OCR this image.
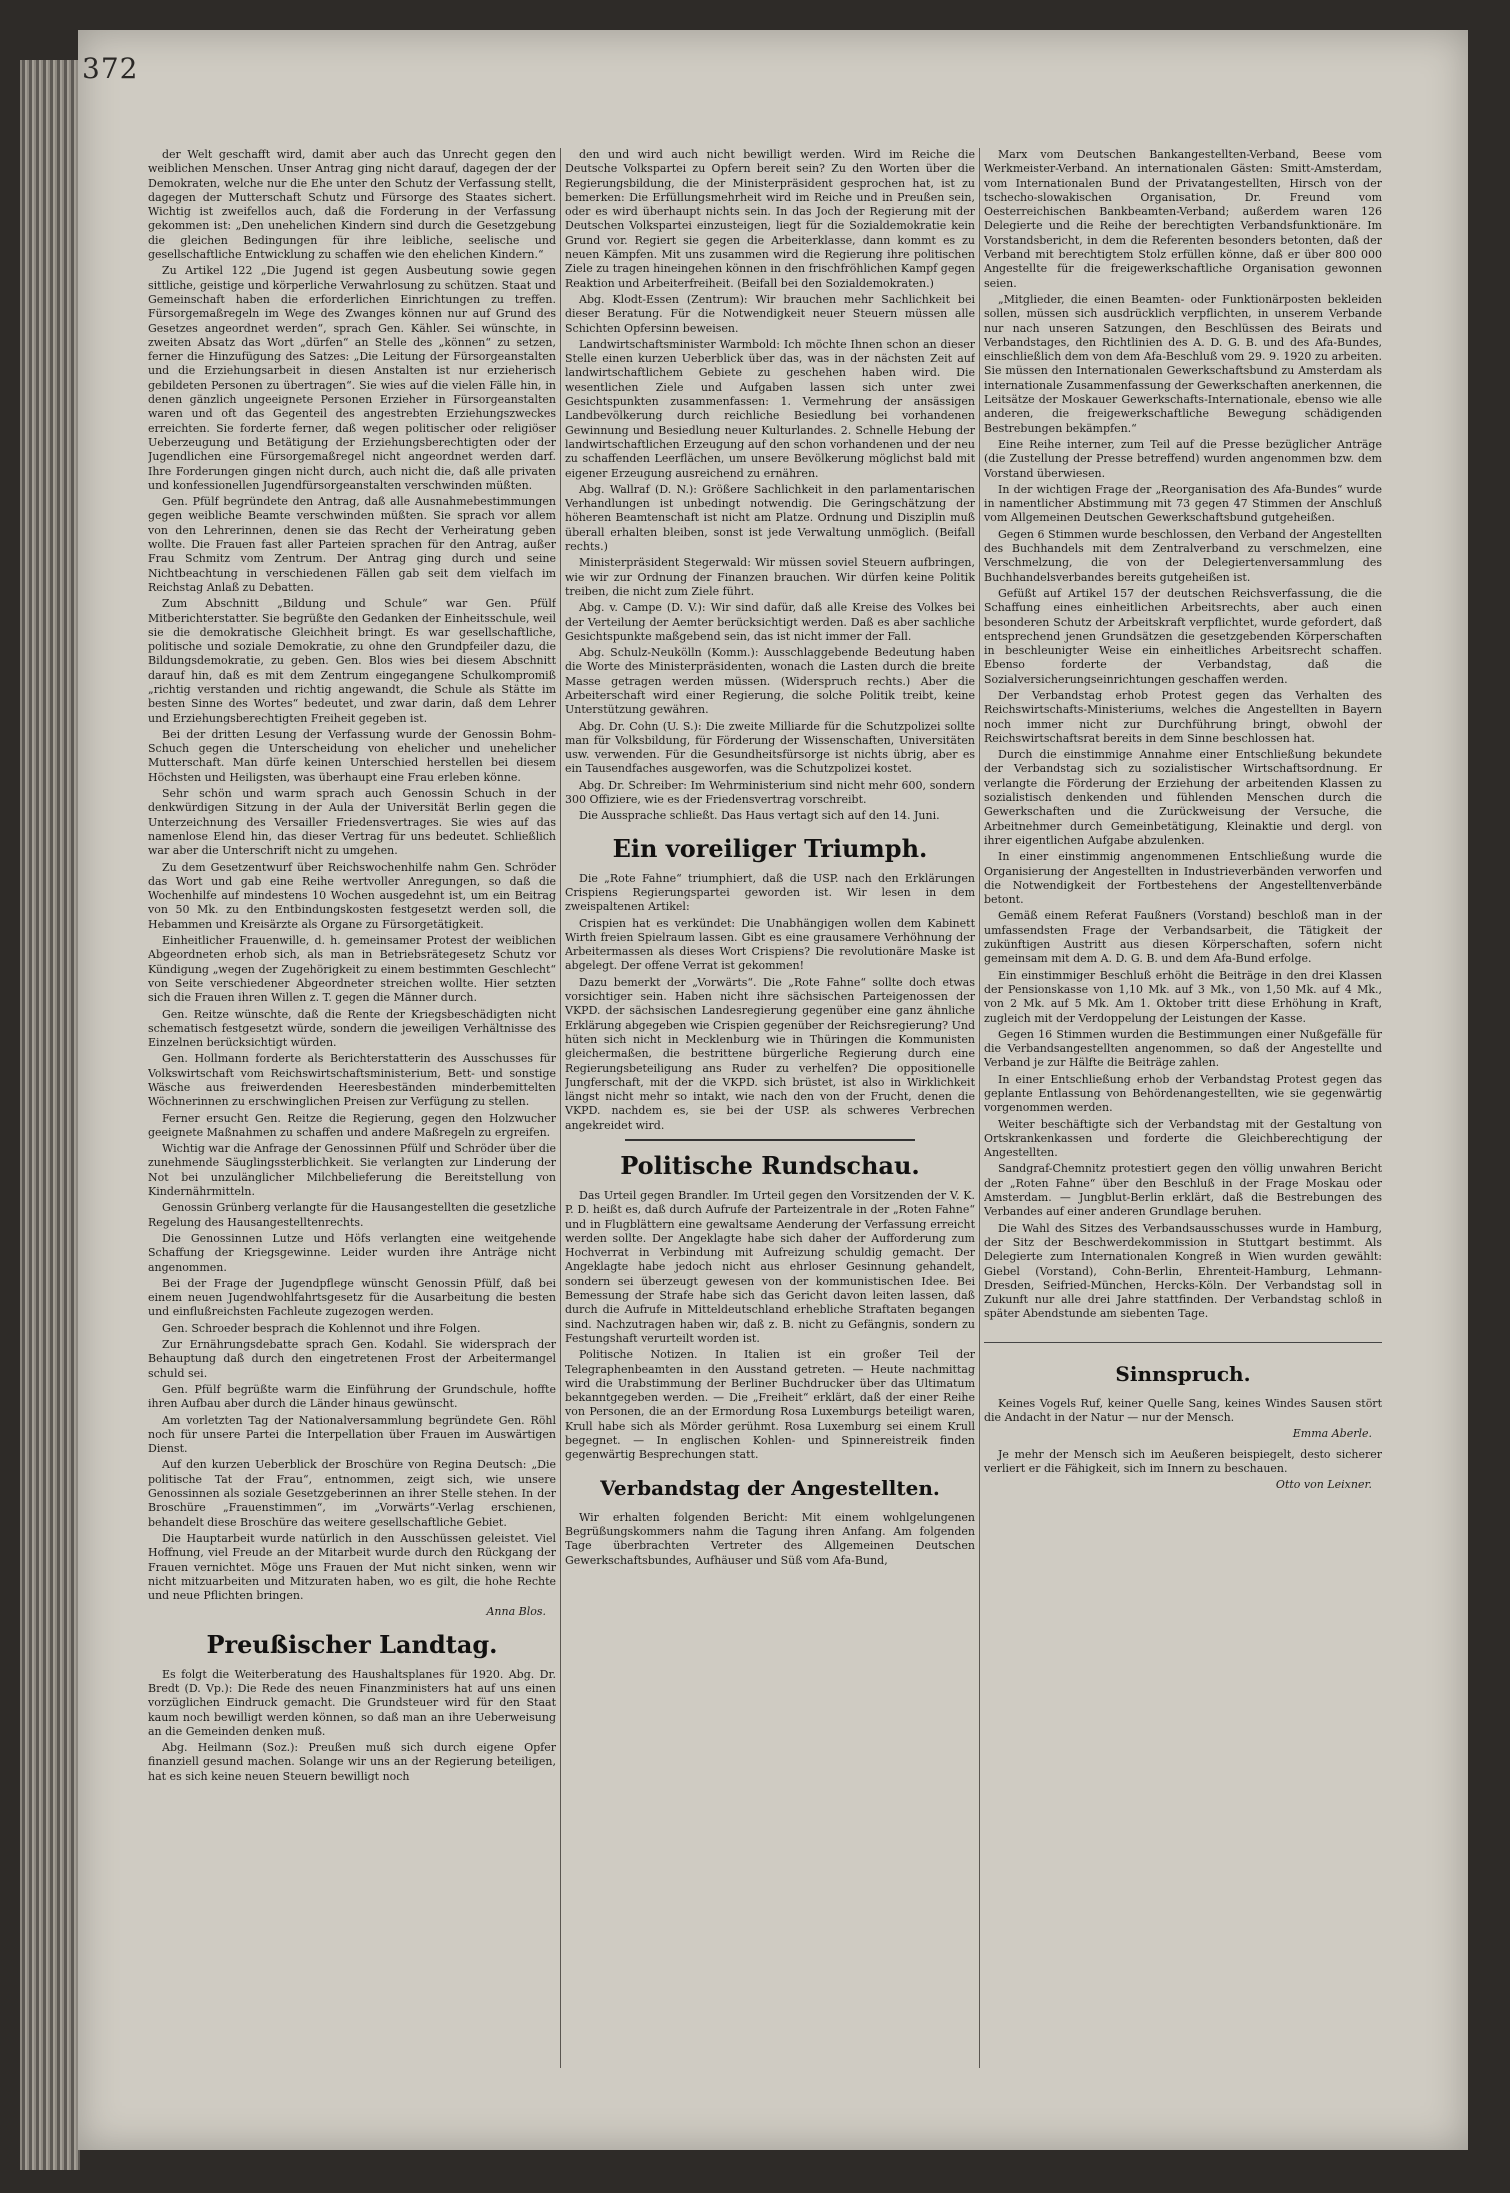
372

der Welt geschafft wird, damit aber auch das Unrecht gegen den weiblichen Menschen. Unser Antrag ging nicht darauf, dagegen der der Demokraten, welche nur die Ehe unter den Schutz der Verfassung stellt, dagegen der Mutterschaft Schutz und Fürsorge des Staates sichert. Wichtig ist zweifellos auch, daß die Forderung in der Verfassung gekommen ist: „Den unehelichen Kindern sind durch die Gesetzgebung die gleichen Bedingungen für ihre leibliche, seelische und gesellschaftliche Entwicklung zu schaffen wie den ehelichen Kindern.“

Zu Artikel 122 „Die Jugend ist gegen Ausbeutung sowie gegen sittliche, geistige und körperliche Verwahrlosung zu schützen. Staat und Gemeinschaft haben die erforderlichen Einrichtungen zu treffen. Fürsorgemaßregeln im Wege des Zwanges können nur auf Grund des Gesetzes angeordnet werden“, sprach Gen. Kähler. Sei wünschte, in zweiten Absatz das Wort „dürfen“ an Stelle des „können“ zu setzen, ferner die Hinzufügung des Satzes: „Die Leitung der Fürsorgeanstalten und die Erziehungsarbeit in diesen Anstalten ist nur erzieherisch gebildeten Personen zu übertragen“. Sie wies auf die vielen Fälle hin, in denen gänzlich ungeeignete Personen Erzieher in Fürsorgeanstalten waren und oft das Gegenteil des angestrebten Erziehungszweckes erreichten. Sie forderte ferner, daß wegen politischer oder religiöser Ueberzeugung und Betätigung der Erziehungsberechtigten oder der Jugendlichen eine Fürsorgemaßregel nicht angeordnet werden darf. Ihre Forderungen gingen nicht durch, auch nicht die, daß alle privaten und konfessionellen Jugendfürsorgeanstalten verschwinden müßten.

Gen. Pfülf begründete den Antrag, daß alle Ausnahmebestimmungen gegen weibliche Beamte verschwinden müßten. Sie sprach vor allem von den Lehrerinnen, denen sie das Recht der Verheiratung geben wollte. Die Frauen fast aller Parteien sprachen für den Antrag, außer Frau Schmitz vom Zentrum. Der Antrag ging durch und seine Nichtbeachtung in verschiedenen Fällen gab seit dem vielfach im Reichstag Anlaß zu Debatten.

Zum Abschnitt „Bildung und Schule“ war Gen. Pfülf Mitberichterstatter. Sie begrüßte den Gedanken der Einheitsschule, weil sie die demokratische Gleichheit bringt. Es war gesellschaftliche, politische und soziale Demokratie, zu ohne den Grundpfeiler dazu, die Bildungsdemokratie, zu geben. Gen. Blos wies bei diesem Abschnitt darauf hin, daß es mit dem Zentrum eingegangene Schulkompromiß „richtig verstanden und richtig angewandt, die Schule als Stätte im besten Sinne des Wortes“ bedeutet, und zwar darin, daß dem Lehrer und Erziehungsberechtigten Freiheit gegeben ist.

Bei der dritten Lesung der Verfassung wurde der Genossin Bohm-Schuch gegen die Unterscheidung von ehelicher und unehelicher Mutterschaft. Man dürfe keinen Unterschied herstellen bei diesem Höchsten und Heiligsten, was überhaupt eine Frau erleben könne.

Sehr schön und warm sprach auch Genossin Schuch in der denkwürdigen Sitzung in der Aula der Universität Berlin gegen die Unterzeichnung des Versailler Friedensvertrages. Sie wies auf das namenlose Elend hin, das dieser Vertrag für uns bedeutet. Schließlich war aber die Unterschrift nicht zu umgehen.

Zu dem Gesetzentwurf über Reichswochenhilfe nahm Gen. Schröder das Wort und gab eine Reihe wertvoller Anregungen, so daß die Wochenhilfe auf mindestens 10 Wochen ausgedehnt ist, um ein Beitrag von 50 Mk. zu den Entbindungskosten festgesetzt werden soll, die Hebammen und Kreisärzte als Organe zu Fürsorgetätigkeit.

Einheitlicher Frauenwille, d. h. gemeinsamer Protest der weiblichen Abgeordneten erhob sich, als man in Betriebsrätegesetz Schutz vor Kündigung „wegen der Zugehörigkeit zu einem bestimmten Geschlecht“ von Seite verschiedener Abgeordneter streichen wollte. Hier setzten sich die Frauen ihren Willen z. T. gegen die Männer durch.

Gen. Reitze wünschte, daß die Rente der Kriegsbeschädigten nicht schematisch festgesetzt würde, sondern die jeweiligen Verhältnisse des Einzelnen berücksichtigt würden.

Gen. Hollmann forderte als Berichterstatterin des Ausschusses für Volkswirtschaft vom Reichswirtschaftsministerium, Bett- und sonstige Wäsche aus freiwerdenden Heeresbeständen minderbemittelten Wöchnerinnen zu erschwinglichen Preisen zur Verfügung zu stellen.

Ferner ersucht Gen. Reitze die Regierung, gegen den Holzwucher geeignete Maßnahmen zu schaffen und andere Maßregeln zu ergreifen.

Wichtig war die Anfrage der Genossinnen Pfülf und Schröder über die zunehmende Säuglingssterblichkeit. Sie verlangten zur Linderung der Not bei unzulänglicher Milchbelieferung die Bereitstellung von Kindernährmitteln.

Genossin Grünberg verlangte für die Hausangestellten die gesetzliche Regelung des Hausangestelltenrechts.

Die Genossinnen Lutze und Höfs verlangten eine weitgehende Schaffung der Kriegsgewinne. Leider wurden ihre Anträge nicht angenommen.

Bei der Frage der Jugendpflege wünscht Genossin Pfülf, daß bei einem neuen Jugendwohlfahrtsgesetz für die Ausarbeitung die besten und einflußreichsten Fachleute zugezogen werden.

Gen. Schroeder besprach die Kohlennot und ihre Folgen.

Zur Ernährungsdebatte sprach Gen. Kodahl. Sie widersprach der Behauptung daß durch den eingetretenen Frost der Arbeitermangel schuld sei.

Gen. Pfülf begrüßte warm die Einführung der Grundschule, hoffte ihren Aufbau aber durch die Länder hinaus gewünscht.

Am vorletzten Tag der Nationalversammlung begründete Gen. Röhl noch für unsere Partei die Interpellation über Frauen im Auswärtigen Dienst.

Auf den kurzen Ueberblick der Broschüre von Regina Deutsch: „Die politische Tat der Frau“, entnommen, zeigt sich, wie unsere Genossinnen als soziale Gesetzgeberinnen an ihrer Stelle stehen. In der Broschüre „Frauenstimmen“, im „Vorwärts“-Verlag erschienen, behandelt diese Broschüre das weitere gesellschaftliche Gebiet.

Die Hauptarbeit wurde natürlich in den Ausschüssen geleistet. Viel Hoffnung, viel Freude an der Mitarbeit wurde durch den Rückgang der Frauen vernichtet. Möge uns Frauen der Mut nicht sinken, wenn wir nicht mitzuarbeiten und Mitzuraten haben, wo es gilt, die hohe Rechte und neue Pflichten bringen.

Anna Blos.
Preußischer Landtag.

Es folgt die Weiterberatung des Haushaltsplanes für 1920. Abg. Dr. Bredt (D. Vp.): Die Rede des neuen Finanzministers hat auf uns einen vorzüglichen Eindruck gemacht. Die Grundsteuer wird für den Staat kaum noch bewilligt werden können, so daß man an ihre Ueberweisung an die Gemeinden denken muß.

Abg. Heilmann (Soz.): Preußen muß sich durch eigene Opfer finanziell gesund machen. Solange wir uns an der Regierung beteiligen, hat es sich keine neuen Steuern bewilligt noch

den und wird auch nicht bewilligt werden. Wird im Reiche die Deutsche Volkspartei zu Opfern bereit sein? Zu den Worten über die Regierungsbildung, die der Ministerpräsident gesprochen hat, ist zu bemerken: Die Erfüllungsmehrheit wird im Reiche und in Preußen sein, oder es wird überhaupt nichts sein. In das Joch der Regierung mit der Deutschen Volkspartei einzusteigen, liegt für die Sozialdemokratie kein Grund vor. Regiert sie gegen die Arbeiterklasse, dann kommt es zu neuen Kämpfen. Mit uns zusammen wird die Regierung ihre politischen Ziele zu tragen hineingehen können in den frischfröhlichen Kampf gegen Reaktion und Arbeiterfreiheit. (Beifall bei den Sozialdemokraten.)

Abg. Klodt-Essen (Zentrum): Wir brauchen mehr Sachlichkeit bei dieser Beratung. Für die Notwendigkeit neuer Steuern müssen alle Schichten Opfersinn beweisen.

Landwirtschaftsminister Warmbold: Ich möchte Ihnen schon an dieser Stelle einen kurzen Ueberblick über das, was in der nächsten Zeit auf landwirtschaftlichem Gebiete zu geschehen haben wird. Die wesentlichen Ziele und Aufgaben lassen sich unter zwei Gesichtspunkten zusammenfassen: 1. Vermehrung der ansässigen Landbevölkerung durch reichliche Besiedlung bei vorhandenen Gewinnung und Besiedlung neuer Kulturlandes. 2. Schnelle Hebung der landwirtschaftlichen Erzeugung auf den schon vorhandenen und der neu zu schaffenden Leerflächen, um unsere Bevölkerung möglichst bald mit eigener Erzeugung ausreichend zu ernähren.

Abg. Wallraf (D. N.): Größere Sachlichkeit in den parlamentarischen Verhandlungen ist unbedingt notwendig. Die Geringschätzung der höheren Beamtenschaft ist nicht am Platze. Ordnung und Disziplin muß überall erhalten bleiben, sonst ist jede Verwaltung unmöglich. (Beifall rechts.)

Ministerpräsident Stegerwald: Wir müssen soviel Steuern aufbringen, wie wir zur Ordnung der Finanzen brauchen. Wir dürfen keine Politik treiben, die nicht zum Ziele führt.

Abg. v. Campe (D. V.): Wir sind dafür, daß alle Kreise des Volkes bei der Verteilung der Aemter berücksichtigt werden. Daß es aber sachliche Gesichtspunkte maßgebend sein, das ist nicht immer der Fall.

Abg. Schulz-Neukölln (Komm.): Ausschlaggebende Bedeutung haben die Worte des Ministerpräsidenten, wonach die Lasten durch die breite Masse getragen werden müssen. (Widerspruch rechts.) Aber die Arbeiterschaft wird einer Regierung, die solche Politik treibt, keine Unterstützung gewähren.

Abg. Dr. Cohn (U. S.): Die zweite Milliarde für die Schutzpolizei sollte man für Volksbildung, für Förderung der Wissenschaften, Universitäten usw. verwenden. Für die Gesundheitsfürsorge ist nichts übrig, aber es ein Tausendfaches ausgeworfen, was die Schutzpolizei kostet.

Abg. Dr. Schreiber: Im Wehrministerium sind nicht mehr 600, sondern 300 Offiziere, wie es der Friedensvertrag vorschreibt.

Die Aussprache schließt. Das Haus vertagt sich auf den 14. Juni.

Ein voreiliger Triumph.

Die „Rote Fahne“ triumphiert, daß die USP. nach den Erklärungen Crispiens Regierungspartei geworden ist. Wir lesen in dem zweispaltenen Artikel:

Crispien hat es verkündet: Die Unabhängigen wollen dem Kabinett Wirth freien Spielraum lassen. Gibt es eine grausamere Verhöhnung der Arbeitermassen als dieses Wort Crispiens? Die revolutionäre Maske ist abgelegt. Der offene Verrat ist gekommen!

Dazu bemerkt der „Vorwärts“. Die „Rote Fahne“ sollte doch etwas vorsichtiger sein. Haben nicht ihre sächsischen Parteigenossen der VKPD. der sächsischen Landesregierung gegenüber eine ganz ähnliche Erklärung abgegeben wie Crispien gegenüber der Reichsregierung? Und hüten sich nicht in Mecklenburg wie in Thüringen die Kommunisten gleichermaßen, die bestrittene bürgerliche Regierung durch eine Regierungsbeteiligung ans Ruder zu verhelfen? Die oppositionelle Jungferschaft, mit der die VKPD. sich brüstet, ist also in Wirklichkeit längst nicht mehr so intakt, wie nach den von der Frucht, denen die VKPD. nachdem es, sie bei der USP. als schweres Verbrechen angekreidet wird.

Politische Rundschau.

Das Urteil gegen Brandler. Im Urteil gegen den Vorsitzenden der V. K. P. D. heißt es, daß durch Aufrufe der Parteizentrale in der „Roten Fahne“ und in Flugblättern eine gewaltsame Aenderung der Verfassung erreicht werden sollte. Der Angeklagte habe sich daher der Aufforderung zum Hochverrat in Verbindung mit Aufreizung schuldig gemacht. Der Angeklagte habe jedoch nicht aus ehrloser Gesinnung gehandelt, sondern sei überzeugt gewesen von der kommunistischen Idee. Bei Bemessung der Strafe habe sich das Gericht davon leiten lassen, daß durch die Aufrufe in Mitteldeutschland erhebliche Straftaten begangen sind. Nachzutragen haben wir, daß z. B. nicht zu Gefängnis, sondern zu Festungshaft verurteilt worden ist.

Politische Notizen. In Italien ist ein großer Teil der Telegraphenbeamten in den Ausstand getreten. — Heute nachmittag wird die Urabstimmung der Berliner Buchdrucker über das Ultimatum bekanntgegeben werden. — Die „Freiheit“ erklärt, daß der einer Reihe von Personen, die an der Ermordung Rosa Luxemburgs beteiligt waren, Krull habe sich als Mörder gerühmt. Rosa Luxemburg sei einem Krull begegnet. — In englischen Kohlen- und Spinnereistreik finden gegenwärtig Besprechungen statt.

Verbandstag der Angestellten.

Wir erhalten folgenden Bericht: Mit einem wohlgelungenen Begrüßungskommers nahm die Tagung ihren Anfang. Am folgenden Tage überbrachten Vertreter des Allgemeinen Deutschen Gewerkschaftsbundes, Aufhäuser und Süß vom Afa-Bund,

Marx vom Deutschen Bankangestellten-Verband, Beese vom Werkmeister-Verband. An internationalen Gästen: Smitt-Amsterdam, vom Internationalen Bund der Privatangestellten, Hirsch von der tschecho-slowakischen Organisation, Dr. Freund vom Oesterreichischen Bankbeamten-Verband; außerdem waren 126 Delegierte und die Reihe der berechtigten Verbandsfunktionäre. Im Vorstandsbericht, in dem die Referenten besonders betonten, daß der Verband mit berechtigtem Stolz erfüllen könne, daß er über 800 000 Angestellte für die freigewerkschaftliche Organisation gewonnen seien.

„Mitglieder, die einen Beamten- oder Funktionärposten bekleiden sollen, müssen sich ausdrücklich verpflichten, in unserem Verbande nur nach unseren Satzungen, den Beschlüssen des Beirats und Verbandstages, den Richtlinien des A. D. G. B. und des Afa-Bundes, einschließlich dem von dem Afa-Beschluß vom 29. 9. 1920 zu arbeiten. Sie müssen den Internationalen Gewerkschaftsbund zu Amsterdam als internationale Zusammenfassung der Gewerkschaften anerkennen, die Leitsätze der Moskauer Gewerkschafts-Internationale, ebenso wie alle anderen, die freigewerkschaftliche Bewegung schädigenden Bestrebungen bekämpfen.“

Eine Reihe interner, zum Teil auf die Presse bezüglicher Anträge (die Zustellung der Presse betreffend) wurden angenommen bzw. dem Vorstand überwiesen.

In der wichtigen Frage der „Reorganisation des Afa-Bundes“ wurde in namentlicher Abstimmung mit 73 gegen 47 Stimmen der Anschluß vom Allgemeinen Deutschen Gewerkschaftsbund gutgeheißen.

Gegen 6 Stimmen wurde beschlossen, den Verband der Angestellten des Buchhandels mit dem Zentralverband zu verschmelzen, eine Verschmelzung, die von der Delegiertenversammlung des Buchhandelsverbandes bereits gutgeheißen ist.

Gefüßt auf Artikel 157 der deutschen Reichsverfassung, die die Schaffung eines einheitlichen Arbeitsrechts, aber auch einen besonderen Schutz der Arbeitskraft verpflichtet, wurde gefordert, daß entsprechend jenen Grundsätzen die gesetzgebenden Körperschaften in beschleunigter Weise ein einheitliches Arbeitsrecht schaffen. Ebenso forderte der Verbandstag, daß die Sozialversicherungseinrichtungen geschaffen werden.

Der Verbandstag erhob Protest gegen das Verhalten des Reichswirtschafts-Ministeriums, welches die Angestellten in Bayern noch immer nicht zur Durchführung bringt, obwohl der Reichswirtschaftsrat bereits in dem Sinne beschlossen hat.

Durch die einstimmige Annahme einer Entschließung bekundete der Verbandstag sich zu sozialistischer Wirtschaftsordnung. Er verlangte die Förderung der Erziehung der arbeitenden Klassen zu sozialistisch denkenden und fühlenden Menschen durch die Gewerkschaften und die Zurückweisung der Versuche, die Arbeitnehmer durch Gemeinbetätigung, Kleinaktie und dergl. von ihrer eigentlichen Aufgabe abzulenken.

In einer einstimmig angenommenen Entschließung wurde die Organisierung der Angestellten in Industrieverbänden verworfen und die Notwendigkeit der Fortbestehens der Angestelltenverbände betont.

Gemäß einem Referat Faußners (Vorstand) beschloß man in der umfassendsten Frage der Verbandsarbeit, die Tätigkeit der zukünftigen Austritt aus diesen Körperschaften, sofern nicht gemeinsam mit dem A. D. G. B. und dem Afa-Bund erfolge.

Ein einstimmiger Beschluß erhöht die Beiträge in den drei Klassen der Pensionskasse von 1,10 Mk. auf 3 Mk., von 1,50 Mk. auf 4 Mk., von 2 Mk. auf 5 Mk. Am 1. Oktober tritt diese Erhöhung in Kraft, zugleich mit der Verdoppelung der Leistungen der Kasse.

Gegen 16 Stimmen wurden die Bestimmungen einer Nußgefälle für die Verbandsangestellten angenommen, so daß der Angestellte und Verband je zur Hälfte die Beiträge zahlen.

In einer Entschließung erhob der Verbandstag Protest gegen das geplante Entlassung von Behördenangestellten, wie sie gegenwärtig vorgenommen werden.

Weiter beschäftigte sich der Verbandstag mit der Gestaltung von Ortskrankenkassen und forderte die Gleichberechtigung der Angestellten.

Sandgraf-Chemnitz protestiert gegen den völlig unwahren Bericht der „Roten Fahne“ über den Beschluß in der Frage Moskau oder Amsterdam. — Jungblut-Berlin erklärt, daß die Bestrebungen des Verbandes auf einer anderen Grundlage beruhen.

Die Wahl des Sitzes des Verbandsausschusses wurde in Hamburg, der Sitz der Beschwerdekommission in Stuttgart bestimmt. Als Delegierte zum Internationalen Kongreß in Wien wurden gewählt: Giebel (Vorstand), Cohn-Berlin, Ehrenteit-Hamburg, Lehmann-Dresden, Seifried-München, Hercks-Köln. Der Verbandstag soll in Zukunft nur alle drei Jahre stattfinden. Der Verbandstag schloß in später Abendstunde am siebenten Tage.

Sinnspruch.

Keines Vogels Ruf, keiner Quelle Sang, keines Windes Sausen stört die Andacht in der Natur — nur der Mensch.

Emma Aberle.

Je mehr der Mensch sich im Aeußeren beispiegelt, desto sicherer verliert er die Fähigkeit, sich im Innern zu beschauen.

Otto von Leixner.
